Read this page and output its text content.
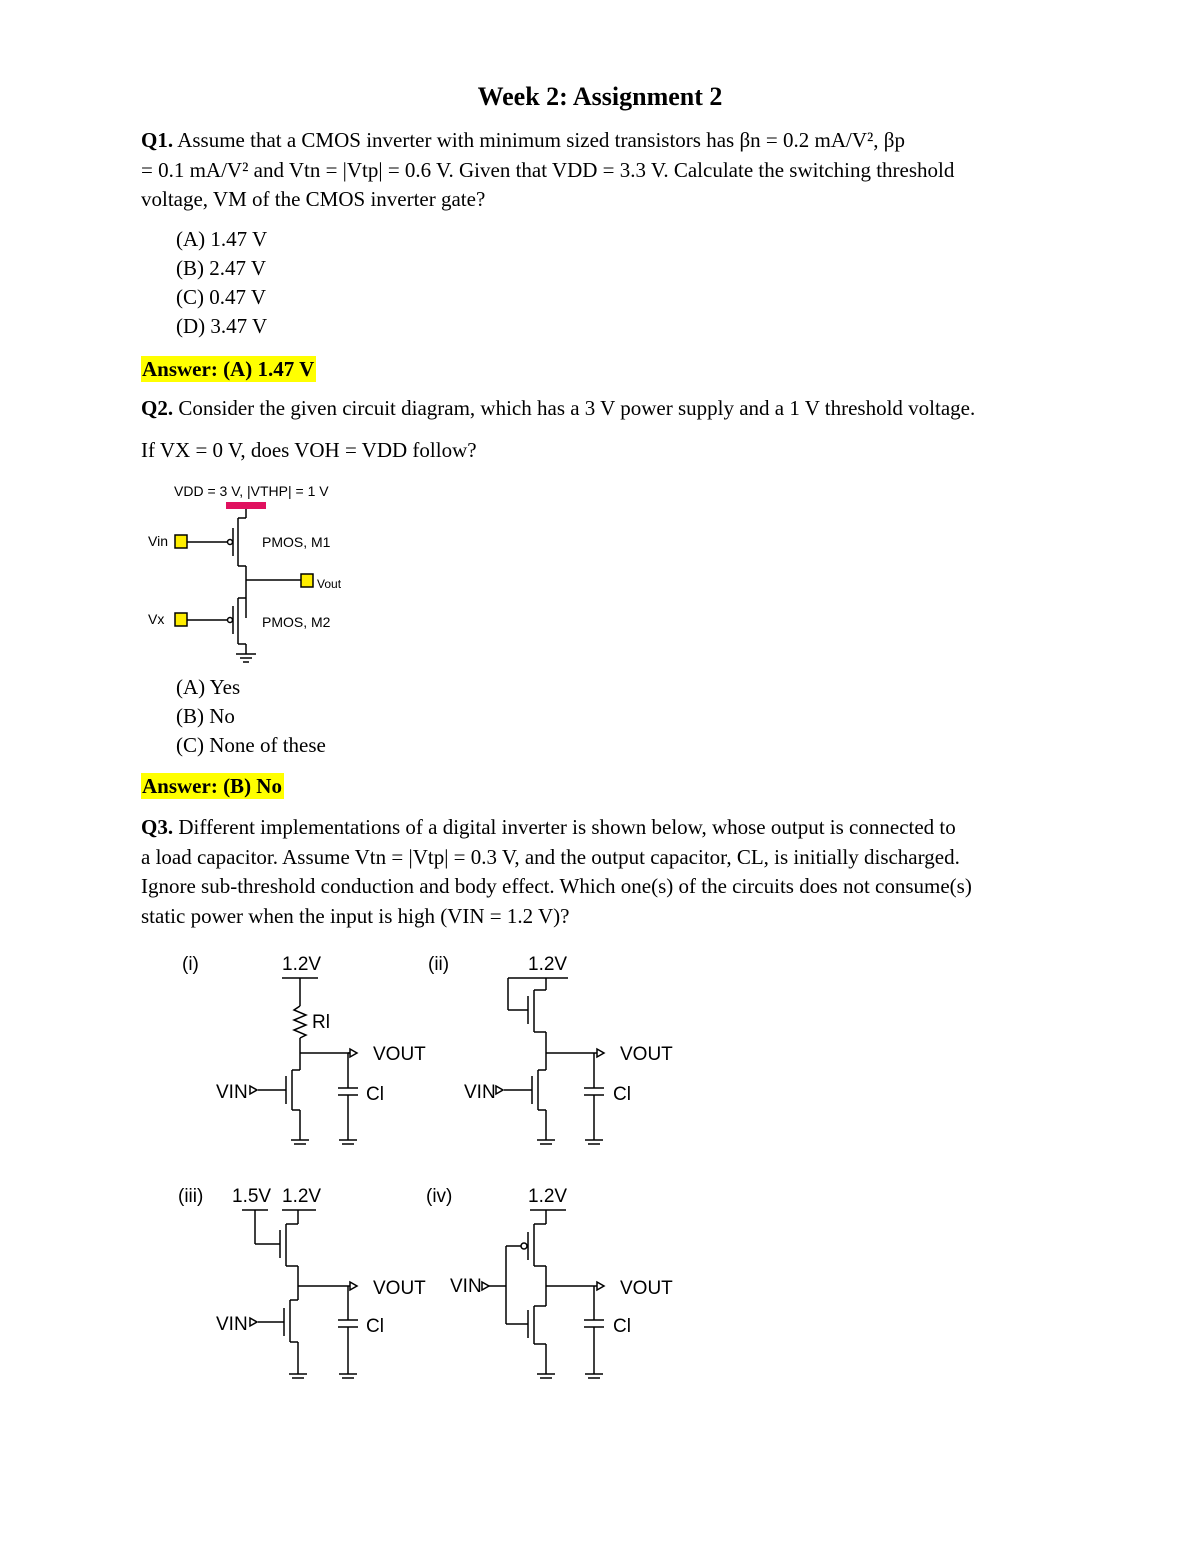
Week 2: Assignment 2
Q1. Assume that a CMOS inverter with minimum sized transistors has βn = 0.2 mA/V², βp
= 0.1 mA/V² and Vtn = |Vtp| = 0.6 V. Given that VDD = 3.3 V. Calculate the switching threshold
voltage, VM of the CMOS inverter gate?
(A) 1.47 V
(B) 2.47 V
(C) 0.47 V
(D) 3.47 V
Answer: (A) 1.47 V
Q2. Consider the given circuit diagram, which has a 3 V power supply and a 1 V threshold voltage.
If VX = 0 V, does VOH = VDD follow?
(A) Yes
(B) No
(C) None of these
Answer: (B) No
Q3. Different implementations of a digital inverter is shown below, whose output is connected to
a load capacitor. Assume Vtn = |Vtp| = 0.3 V, and the output capacitor, CL, is initially discharged.
Ignore sub-threshold conduction and body effect. Which one(s) of the circuits does not consume(s)
static power when the input is high (VIN = 1.2 V)?
VDD = 3 V, |VTHP| = 1 V
Vin	PMOS, M1
Vout
Vx	PMOS, M2
(i)	1.2V
Rl
VOUT
VIN	Cl
(ii)	1.2V
VOUT
VIN	Cl
(iii) 1.5V 1.2V
VOUT
VIN	Cl
(iv)	1.2V
VOUT
VIN
Cl
